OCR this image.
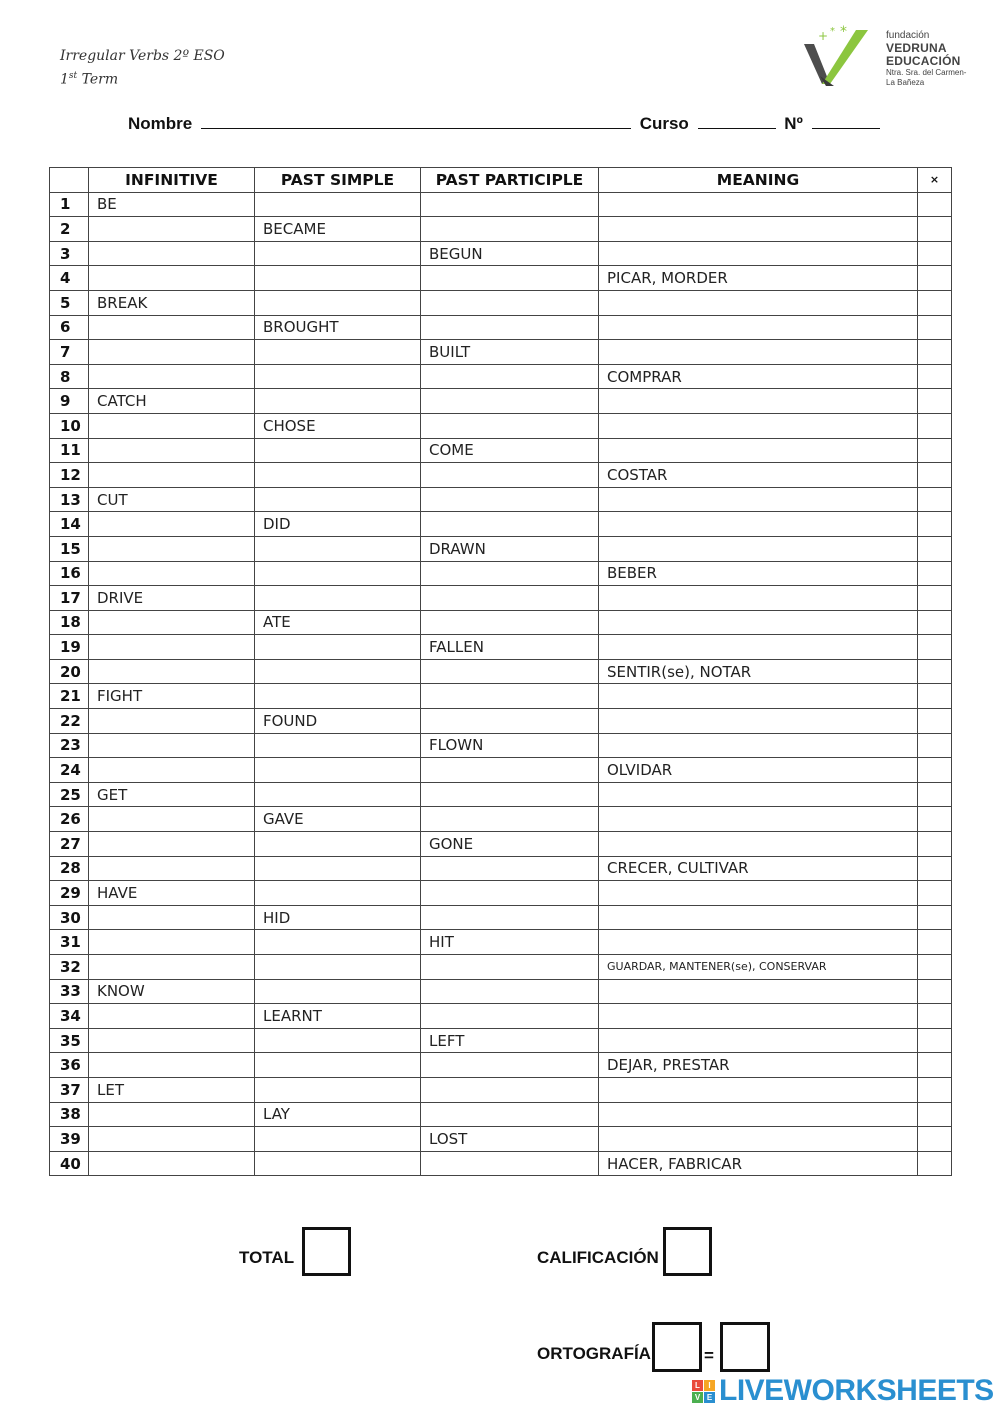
Irregular Verbs 2º ESO
1st Term
+ * *	fundación
VEDRUNA
EDUCACIÓN
Ntra. Sra. del Carmen-
La Bañeza
Nombre	Curso	Nº
	INFINITIVE	PAST SIMPLE	PAST PARTICIPLE	MEANING	×
1	BE				
2		BECAME			
3			BEGUN		
4				PICAR, MORDER	
5	BREAK				
6		BROUGHT			
7			BUILT		
8				COMPRAR	
9	CATCH				
10		CHOSE			
11			COME		
12				COSTAR	
13	CUT				
14		DID			
15			DRAWN		
16				BEBER	
17	DRIVE				
18		ATE			
19			FALLEN		
20				SENTIR(se), NOTAR	
21	FIGHT				
22		FOUND			
23			FLOWN		
24				OLVIDAR	
25	GET				
26		GAVE			
27			GONE		
28				CRECER, CULTIVAR	
29	HAVE				
30		HID			
31			HIT		
32				GUARDAR, MANTENER(se), CONSERVAR	
33	KNOW				
34		LEARNT			
35			LEFT		
36				DEJAR, PRESTAR	
37	LET				
38		LAY			
39			LOST		
40				HACER, FABRICAR	
TOTAL	CALIFICACIÓN
ORTOGRAFÍA	=
L	I
V E LIVEWORKSHEETS
